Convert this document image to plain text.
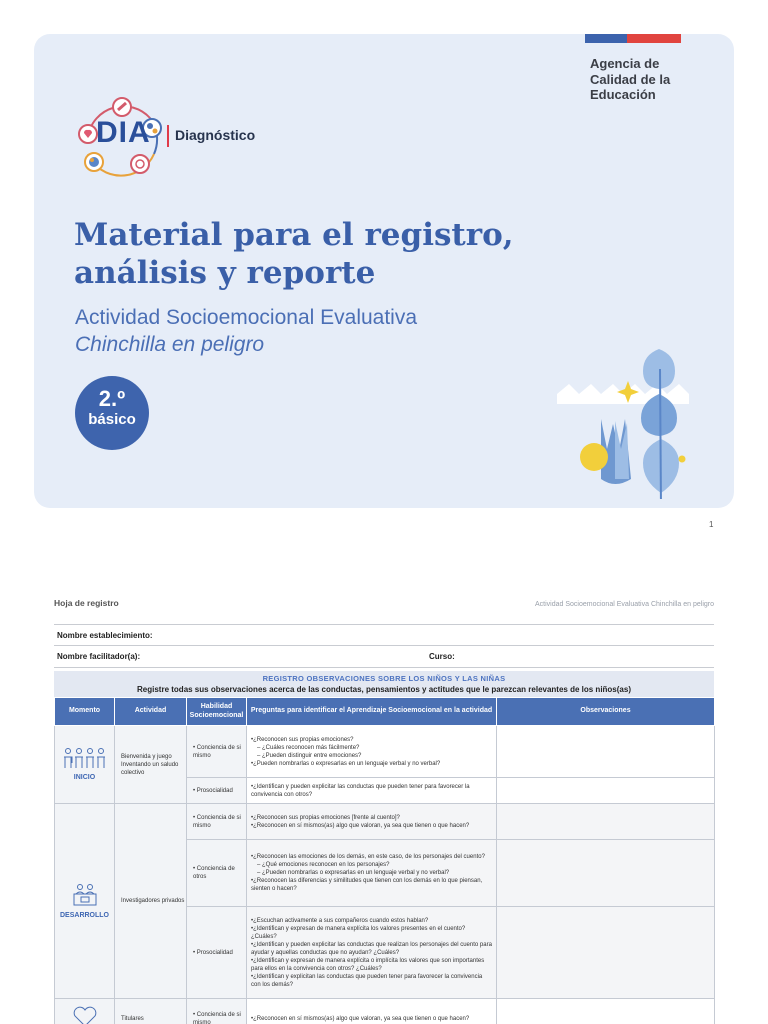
Agencia de
Calidad de la
Educación
DIA Diagnóstico
Material para el registro,
análisis y reporte
Actividad Socioemocional Evaluativa
Chinchilla en peligro
2.º
básico
1
Hoja de registro	Actividad Socioemocional Evaluativa Chinchilla en peligro
Nombre establecimiento:
Nombre facilitador(a):	Curso:
REGISTRO OBSERVACIONES SOBRE LOS NIÑOS Y LAS NIÑAS
Registre todas sus observaciones acerca de las conductas, pensamientos y actitudes que le parezcan relevantes de los niños(as)
Momento	Actividad	Habilidad Socioemocional	Preguntas para identificar el Aprendizaje Socioemocional en la actividad	Observaciones

INICIO	Bienvenida y juego Inventando un saludo colectivo	• Conciencia de si mismo	•¿Reconocen sus propias emociones?
– ¿Cuáles reconocen más fácilmente?
– ¿Pueden distinguir entre emociones?
•¿Pueden nombrarlas o expresarlas en un lenguaje verbal y no verbal?	

		• Prosocialidad	•¿Identifican y pueden explicitar las conductas que pueden tener para favorecer la convivencia con otros?	

DESARROLLO	Investigadores privados	• Conciencia de si mismo	•¿Reconocen sus propias emociones [frente al cuento]?
•¿Reconocen en sí mismos(as) algo que valoran, ya sea que tienen o que hacen?	

		• Conciencia de otros	•¿Reconocen las emociones de los demás, en este caso, de los personajes del cuento?
– ¿Qué emociones reconocen en los personajes?
– ¿Pueden nombrarlas o expresarlas en un lenguaje verbal y no verbal?
•¿Reconocen las diferencias y similitudes que tienen con los demás en lo que piensan, sienten o hacen?	

		• Prosocialidad	•¿Escuchan activamente a sus compañeros cuando estos hablan?
•¿Identifican y expresan de manera explícita los valores presentes en el cuento? ¿Cuáles?
•¿Identifican y pueden explicitar las conductas que realizan los personajes del cuento para ayudar y aquellas conductas que no ayudan? ¿Cuáles?
•¿Identifican y expresan de manera explícita o implícita los valores que son importantes para ellos en la convivencia con otros? ¿Cuáles?
•¿Identifican y explicitan las conductas que pueden tener para favorecer la convivencia con los demás?	

	Titulares	• Conciencia de si mismo	•¿Reconocen en sí mismos(as) algo que valoran, ya sea que tienen o que hacen?	
